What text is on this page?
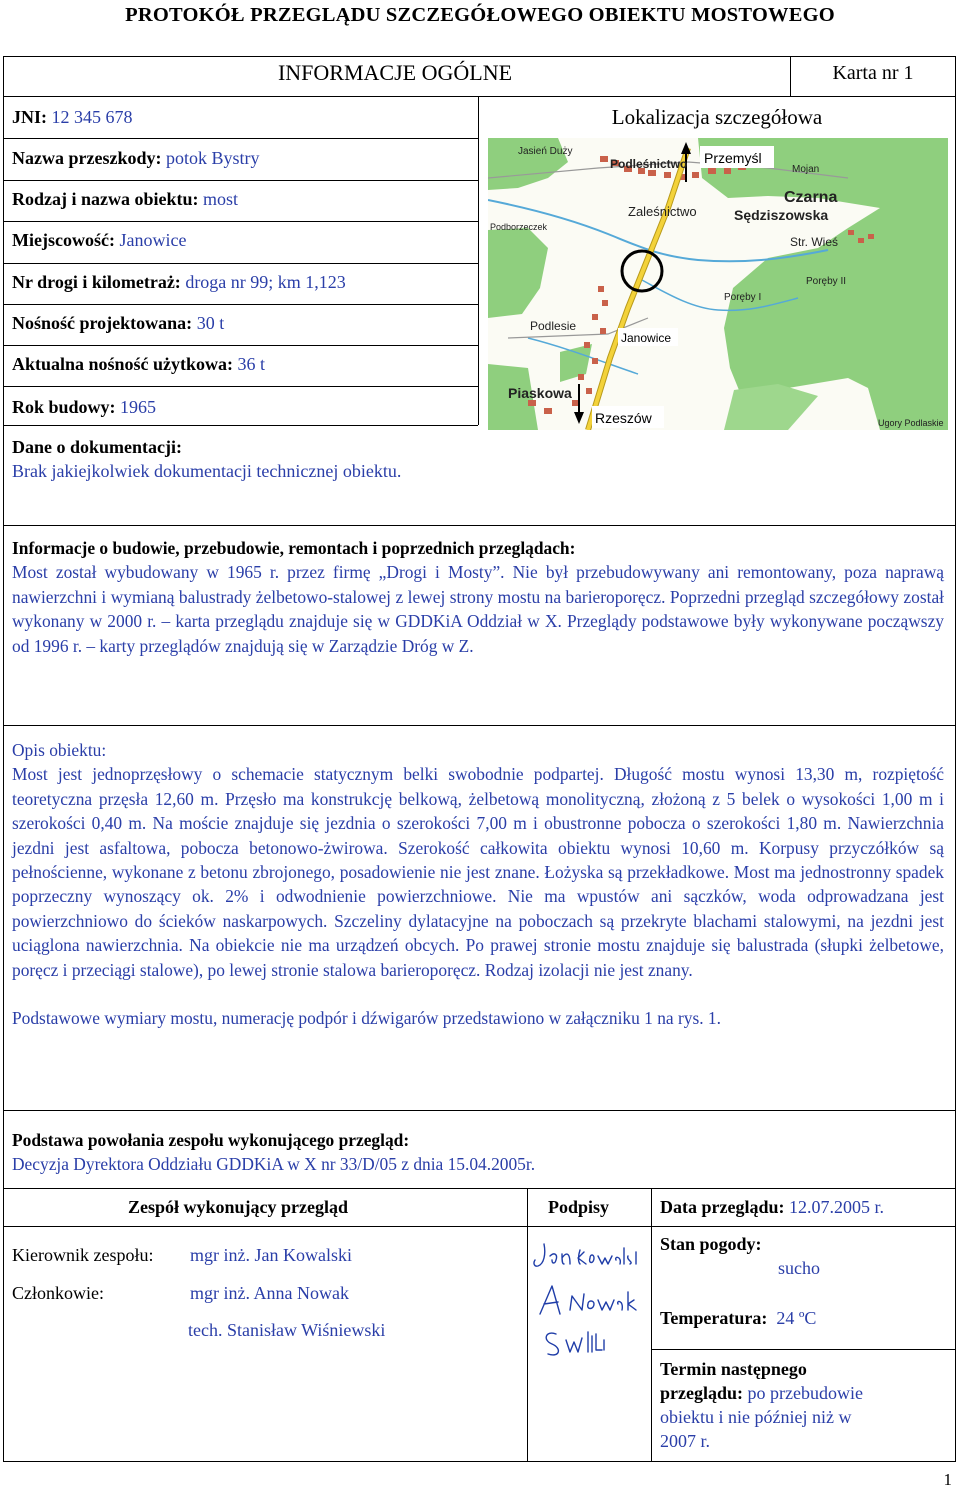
PROTOKÓŁ PRZEGLĄDU SZCZEGÓŁOWEGO OBIEKTU MOSTOWEGO
INFORMACJE OGÓLNE	Karta nr 1
JNI: 12 345 678
Nazwa przeszkody: potok Bystry
Rodzaj i nazwa obiektu: most
Miejscowość: Janowice
Nr drogi i kilometraż: droga nr 99; km 1,123
Nośność projektowana: 30 t
Aktualna nośność użytkowa: 36 t
Rok budowy: 1965
Dane o dokumentacji:
Brak jakiejkolwiek dokumentacji technicznej obiektu.
Lokalizacja szczegółowa
Przemyśl
Janowice
Rzeszów
Jasień Duży
Podleśnictwo	Mojan
Czarna
Zaleśnictwo	Sędziszowska
Podborzeczek
Str. Wieś
Poręby II
Poręby I
Podlesie
Piaskowa
Ugory Podlaskie
Informacje o budowie, przebudowie, remontach i poprzednich przeglądach:
Most został wybudowany w 1965 r. przez firmę „Drogi i Mosty”. Nie był przebudowywany ani remontowany, poza naprawą nawierzchni i wymianą balustrady żelbetowo-stalowej z lewej strony mostu na barieroporęcz. Poprzedni przegląd szczegółowy został wykonany w 2000 r. – karta przeglądu znajduje się w GDDKiA Oddział w X. Przeglądy podstawowe były wykonywane począwszy od 1996 r. – karty przeglądów znajdują się w Zarządzie Dróg w Z.
Opis obiektu:
Most jest jednoprzęsłowy o schemacie statycznym belki swobodnie podpartej. Długość mostu wynosi 13,30 m, rozpiętość teoretyczna przęsła 12,60 m. Przęsło ma konstrukcję belkową, żelbetową monolityczną, złożoną z 5 belek o wysokości 1,00 m i szerokości 0,40 m. Na moście znajduje się jezdnia o szerokości 7,00 m i obustronne pobocza o szerokości 1,80 m. Nawierzchnia jezdni jest asfaltowa, pobocza betonowo-żwirowa. Szerokość całkowita obiektu wynosi 10,60 m. Korpusy przyczółków są pełnościenne, wykonane z betonu zbrojonego, posadowienie nie jest znane. Łożyska są przekładkowe. Most ma jednostronny spadek poprzeczny wynoszący ok. 2% i odwodnienie powierzchniowe. Nie ma wpustów ani sączków, woda odprowadzana jest powierzchniowo do ścieków naskarpowych. Szczeliny dylatacyjne na poboczach są przekryte blachami stalowymi, na jezdni jest uciąglona nawierzchnia. Na obiekcie nie ma urządzeń obcych. Po prawej stronie mostu znajduje się balustrada (słupki żelbetowe, poręcz i przeciągi stalowe), po lewej stronie stalowa barieroporęcz. Rodzaj izolacji nie jest znany.
Podstawowe wymiary mostu, numerację podpór i dźwigarów przedstawiono w załączniku 1 na rys. 1.
Podstawa powołania zespołu wykonującego przegląd:
Decyzja Dyrektora Oddziału GDDKiA w X nr 33/D/05 z dnia 15.04.2005r.
Zespół wykonujący przegląd	Podpisy	Data przeglądu: 12.07.2005 r.
Kierownik zespołu: mgr inż. Jan Kowalski
Członkowie:	mgr inż. Anna Nowak
tech. Stanisław Wiśniewski
Stan pogody:
sucho
Temperatura: 24 ºC
Termin następnego
przeglądu: po przebudowie
obiektu i nie później niż w
2007 r.
1
